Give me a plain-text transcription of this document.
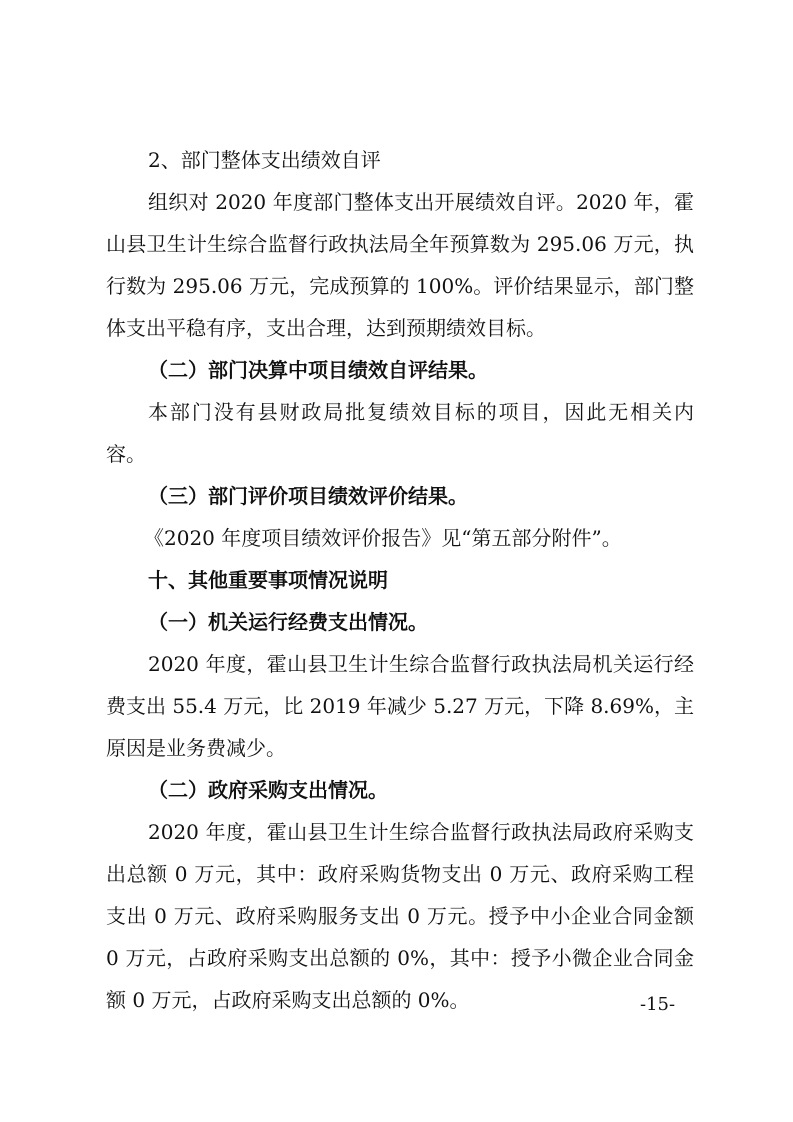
2、部门整体支出绩效自评
组织对 2020 年度部门整体支出开展绩效自评。2020 年，霍
山县卫生计生综合监督行政执法局全年预算数为 295.06 万元，执
行数为 295.06 万元，完成预算的 100%。评价结果显示，部门整
体支出平稳有序，支出合理，达到预期绩效目标。
（二）部门决算中项目绩效自评结果。
本部门没有县财政局批复绩效目标的项目，因此无相关内
容。
（三）部门评价项目绩效评价结果。
《2020 年度项目绩效评价报告》见“第五部分附件”。
十、其他重要事项情况说明
（一）机关运行经费支出情况。
2020 年度，霍山县卫生计生综合监督行政执法局机关运行经
费支出 55.4 万元，比 2019 年减少 5.27 万元，下降 8.69%，主
原因是业务费减少。
（二）政府采购支出情况。
2020 年度，霍山县卫生计生综合监督行政执法局政府采购支
出总额 0 万元，其中：政府采购货物支出 0 万元、政府采购工程
支出 0 万元、政府采购服务支出 0 万元。授予中小企业合同金额
0 万元，占政府采购支出总额的 0%，其中：授予小微企业合同金
额 0 万元，占政府采购支出总额的 0%。	-15-
